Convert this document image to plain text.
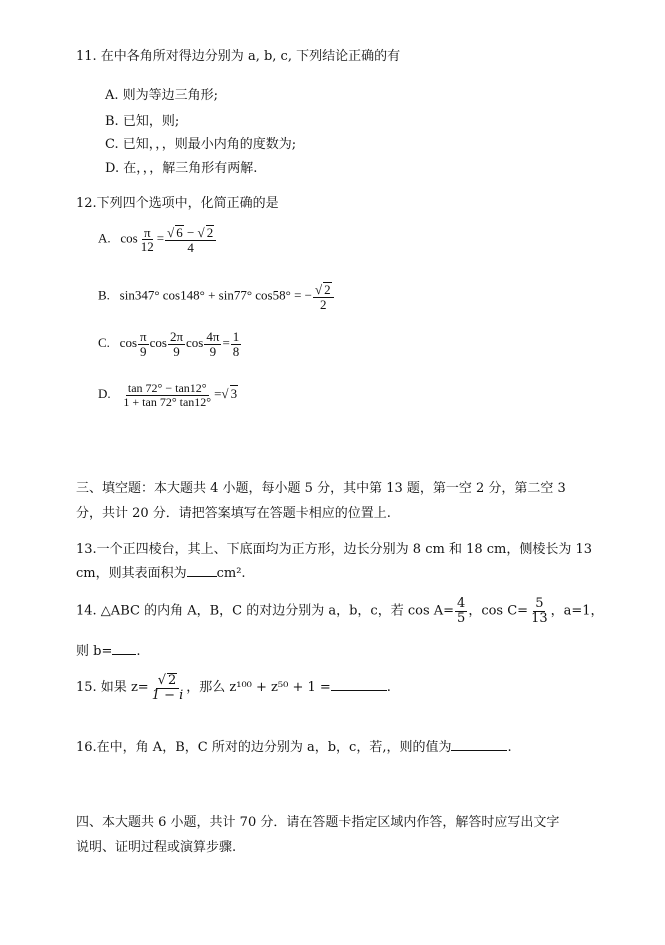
11. 在中各角所对得边分别为 a, b, c, 下列结论正确的有
A. 则为等边三角形;
B. 已知，则;
C. 已知，，，则最小内角的度数为;
D. 在，，，解三角形有两解.
12.下列四个选项中，化简正确的是
A. $\cos \frac{\pi}{12} = \frac{√ 6 - √ 2}{4}$
B. sin347° cos148° + sin77° cos58° = − $\frac{√ 2}{2}$
C. $\cos \frac{\pi}{9}$ $\cos \frac{2\pi}{9}$ $\cos \frac{4\pi}{9} = \frac{1}{8}$
D. $\frac{\tan 72^\circ - \tan 12^\circ}{1 + \tan 72^\circ \tan 12^\circ}$ =√ 3
三、填空题：本大题共 4 小题，每小题 5 分，其中第 13 题，第一空 2 分，第二空 3
分，共计 20 分．请把答案填写在答题卡相应的位置上.
13.一个正四棱台，其上、下底面均为正方形，边长分别为 8 cm 和 18 cm，侧棱长为 13
cm，则其表面积为 cm².
14. △ABC 的内角 A，B，C 的对边分别为 a，b，c，若 $\cos A= \frac{4}{5}$ ，$\cos C= \frac{5}{13}$ ，a=1，
则 b= .
15. 如果 $z= \frac{√ 2}{1 - i}$ ，那么 z¹⁰⁰ + z⁵⁰ + 1 =	.
16.在中，角 A，B，C 所对的边分别为 a，b，c，若,，则的值为	.
四、本大题共 6 小题，共计 70 分．请在答题卡指定区域内作答，解答时应写出文字
说明、证明过程或演算步骤.
